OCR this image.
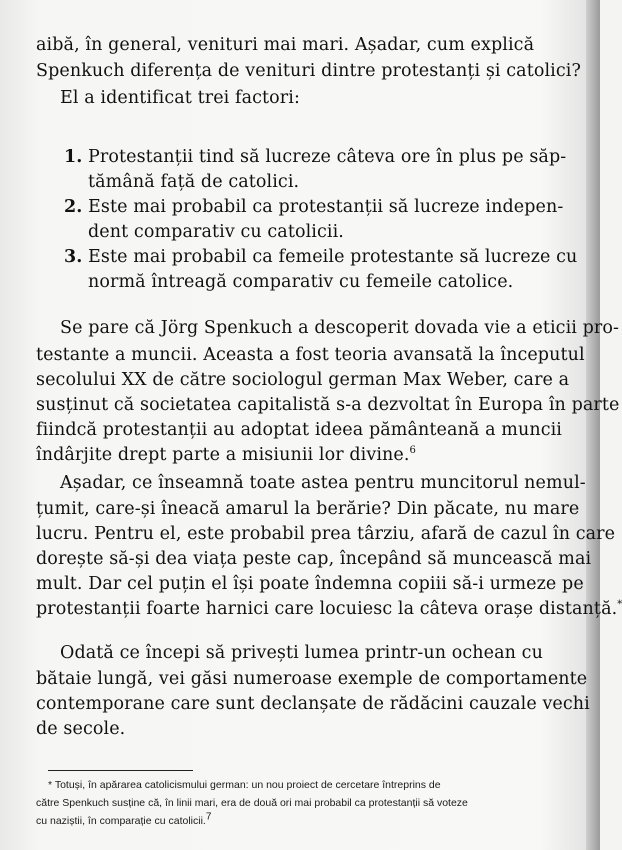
aibă, în general, venituri mai mari. Așadar, cum explică
Spenkuch diferența de venituri dintre protestanți și catolici?
El a identificat trei factori:
1. Protestanții tind să lucreze câteva ore în plus pe săp-
tămână față de catolici.
2. Este mai probabil ca protestanții să lucreze indepen-
dent comparativ cu catolicii.
3. Este mai probabil ca femeile protestante să lucreze cu
normă întreagă comparativ cu femeile catolice.
Se pare că Jörg Spenkuch a descoperit dovada vie a eticii pro-
testante a muncii. Aceasta a fost teoria avansată la începutul
secolului XX de către sociologul german Max Weber, care a
susținut că societatea capitalistă s-a dezvoltat în Europa în parte
fiindcă protestanții au adoptat ideea pământeană a muncii
îndârjite drept parte a misiunii lor divine.$^6$
Așadar, ce înseamnă toate astea pentru muncitorul nemul-
țumit, care-și îneacă amarul la berărie? Din păcate, nu mare
lucru. Pentru el, este probabil prea târziu, afară de cazul în care
dorește să-și dea viața peste cap, începând să muncească mai
mult. Dar cel puțin el își poate îndemna copiii să-i urmeze pe
protestanții foarte harnici care locuiesc la câteva orașe distanță.*
Odată ce începi să privești lumea printr-un ochean cu
bătaie lungă, vei găsi numeroase exemple de comportamente
contemporane care sunt declanșate de rădăcini cauzale vechi
de secole.
* Totuși, în apărarea catolicismului german: un nou proiect de cercetare întreprins de
către Spenkuch susține că, în linii mari, era de două ori mai probabil ca protestanții să voteze
cu naziștii, în comparație cu catolicii.$^7$
